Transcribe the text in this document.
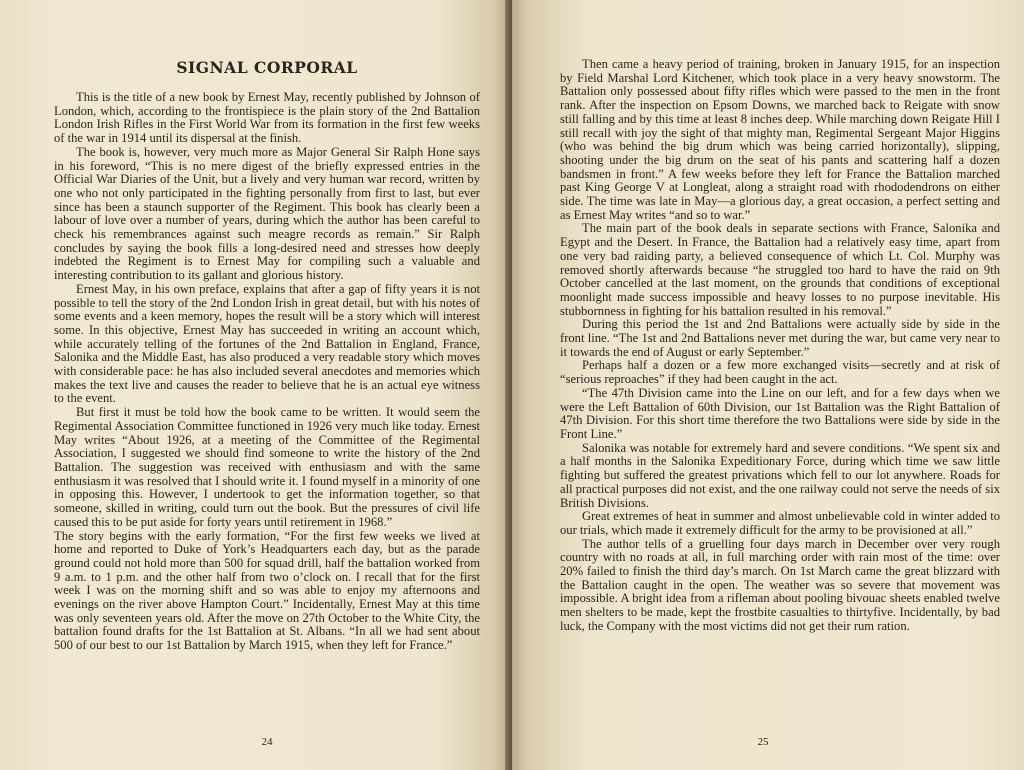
SIGNAL CORPORAL

This is the title of a new book by Ernest May, recently published by Johnson of London, which, according to the frontispiece is the plain story of the 2nd Battalion London Irish Rifles in the First World War from its formation in the first few weeks of the war in 1914 until its dispersal at the finish.

The book is, however, very much more as Major General Sir Ralph Hone says in his foreword, “This is no mere digest of the briefly expressed entries in the Official War Diaries of the Unit, but a lively and very human war record, written by one who not only participated in the fighting personally from first to last, but ever since has been a staunch supporter of the Regiment. This book has clearly been a labour of love over a number of years, during which the author has been careful to check his remembrances against such meagre records as remain.” Sir Ralph concludes by saying the book fills a long-desired need and stresses how deeply indebted the Regiment is to Ernest May for compiling such a valuable and interesting contribution to its gallant and glorious history.

Ernest May, in his own preface, explains that after a gap of fifty years it is not possible to tell the story of the 2nd London Irish in great detail, but with his notes of some events and a keen memory, hopes the result will be a story which will interest some. In this objective, Ernest May has succeeded in writing an account which, while accurately telling of the fortunes of the 2nd Battalion in England, France, Salonika and the Middle East, has also produced a very readable story which moves with considerable pace: he has also included several anecdotes and memories which makes the text live and causes the reader to believe that he is an actual eye witness to the event.

But first it must be told how the book came to be written. It would seem the Regimental Association Committee functioned in 1926 very much like today. Ernest May writes “About 1926, at a meeting of the Committee of the Regimental Association, I suggested we should find someone to write the history of the 2nd Battalion. The suggestion was received with enthusiasm and with the same enthusiasm it was resolved that I should write it. I found myself in a minority of one in opposing this. However, I undertook to get the information together, so that someone, skilled in writing, could turn out the book. But the pressures of civil life caused this to be put aside for forty years until retirement in 1968.”

The story begins with the early formation, “For the first few weeks we lived at home and reported to Duke of York’s Headquarters each day, but as the parade ground could not hold more than 500 for squad drill, half the battalion worked from 9 a.m. to 1 p.m. and the other half from two o’clock on. I recall that for the first week I was on the morning shift and so was able to enjoy my afternoons and evenings on the river above Hampton Court.” Incidentally, Ernest May at this time was only seventeen years old. After the move on 27th October to the White City, the battalion found drafts for the 1st Battalion at St. Albans. “In all we had sent about 500 of our best to our 1st Battalion by March 1915, when they left for France.”

24

Then came a heavy period of training, broken in January 1915, for an inspection by Field Marshal Lord Kitchener, which took place in a very heavy snowstorm. The Battalion only possessed about fifty rifles which were passed to the men in the front rank. After the inspection on Epsom Downs, we marched back to Reigate with snow still falling and by this time at least 8 inches deep. While marching down Reigate Hill I still recall with joy the sight of that mighty man, Regimental Sergeant Major Higgins (who was behind the big drum which was being carried horizontally), slipping, shooting under the big drum on the seat of his pants and scattering half a dozen bandsmen in front.” A few weeks before they left for France the Battalion marched past King George V at Longleat, along a straight road with rhododendrons on either side. The time was late in May—a glorious day, a great occasion, a perfect setting and as Ernest May writes “and so to war.”

The main part of the book deals in separate sections with France, Salonika and Egypt and the Desert. In France, the Battalion had a relatively easy time, apart from one very bad raiding party, a believed consequence of which Lt. Col. Murphy was removed shortly afterwards because “he struggled too hard to have the raid on 9th October cancelled at the last moment, on the grounds that conditions of exceptional moonlight made success impossible and heavy losses to no purpose inevitable. His stubbornness in fighting for his battalion resulted in his removal.”

During this period the 1st and 2nd Battalions were actually side by side in the front line. “The 1st and 2nd Battalions never met during the war, but came very near to it towards the end of August or early September.”

Perhaps half a dozen or a few more exchanged visits—secretly and at risk of “serious reproaches” if they had been caught in the act.

“The 47th Division came into the Line on our left, and for a few days when we were the Left Battalion of 60th Division, our 1st Battalion was the Right Battalion of 47th Division. For this short time therefore the two Battalions were side by side in the Front Line.”

Salonika was notable for extremely hard and severe conditions. “We spent six and a half months in the Salonika Expeditionary Force, during which time we saw little fighting but suffered the greatest privations which fell to our lot anywhere. Roads for all practical purposes did not exist, and the one railway could not serve the needs of six British Divisions.

Great extremes of heat in summer and almost unbelievable cold in winter added to our trials, which made it extremely difficult for the army to be provisioned at all.”

The author tells of a gruelling four days march in December over very rough country with no roads at all, in full marching order with rain most of the time: over 20% failed to finish the third day’s march. On 1st March came the great blizzard with the Battalion caught in the open. The weather was so severe that movement was impossible. A bright idea from a rifleman about pooling bivouac sheets enabled twelve men shelters to be made, kept the frostbite casualties to thirtyfive. Incidentally, by bad luck, the Company with the most victims did not get their rum ration.

25
